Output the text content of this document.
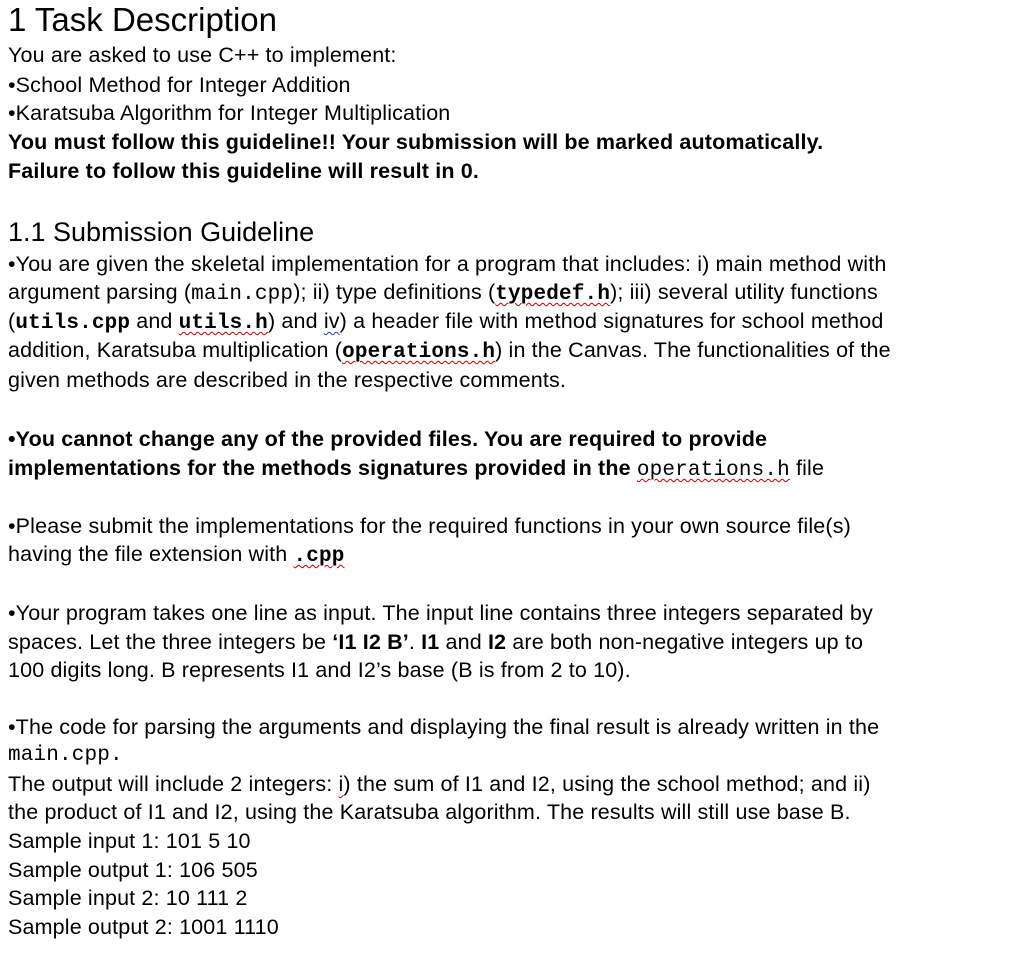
1 Task Description
You are asked to use C++ to implement:
•School Method for Integer Addition
•Karatsuba Algorithm for Integer Multiplication
You must follow this guideline!! Your submission will be marked automatically.
Failure to follow this guideline will result in 0.
1.1 Submission Guideline
•You are given the skeletal implementation for a program that includes: i) main method with
argument parsing (main.cpp); ii) type definitions (typedef.h); iii) several utility functions
(utils.cpp and utils.h) and iv) a header file with method signatures for school method
addition, Karatsuba multiplication (operations.h) in the Canvas. The functionalities of the
given methods are described in the respective comments.
•You cannot change any of the provided files. You are required to provide
implementations for the methods signatures provided in the operations.h file
•Please submit the implementations for the required functions in your own source file(s)
having the file extension with .cpp
•Your program takes one line as input. The input line contains three integers separated by
spaces. Let the three integers be ‘I1 I2 B’. I1 and I2 are both non-negative integers up to
100 digits long. B represents I1 and I2’s base (B is from 2 to 10).
•The code for parsing the arguments and displaying the final result is already written in the
main.cpp.
The output will include 2 integers: i) the sum of I1 and I2, using the school method; and ii)
the product of I1 and I2, using the Karatsuba algorithm. The results will still use base B.
Sample input 1: 101 5 10
Sample output 1: 106 505
Sample input 2: 10 111 2
Sample output 2: 1001 1110
